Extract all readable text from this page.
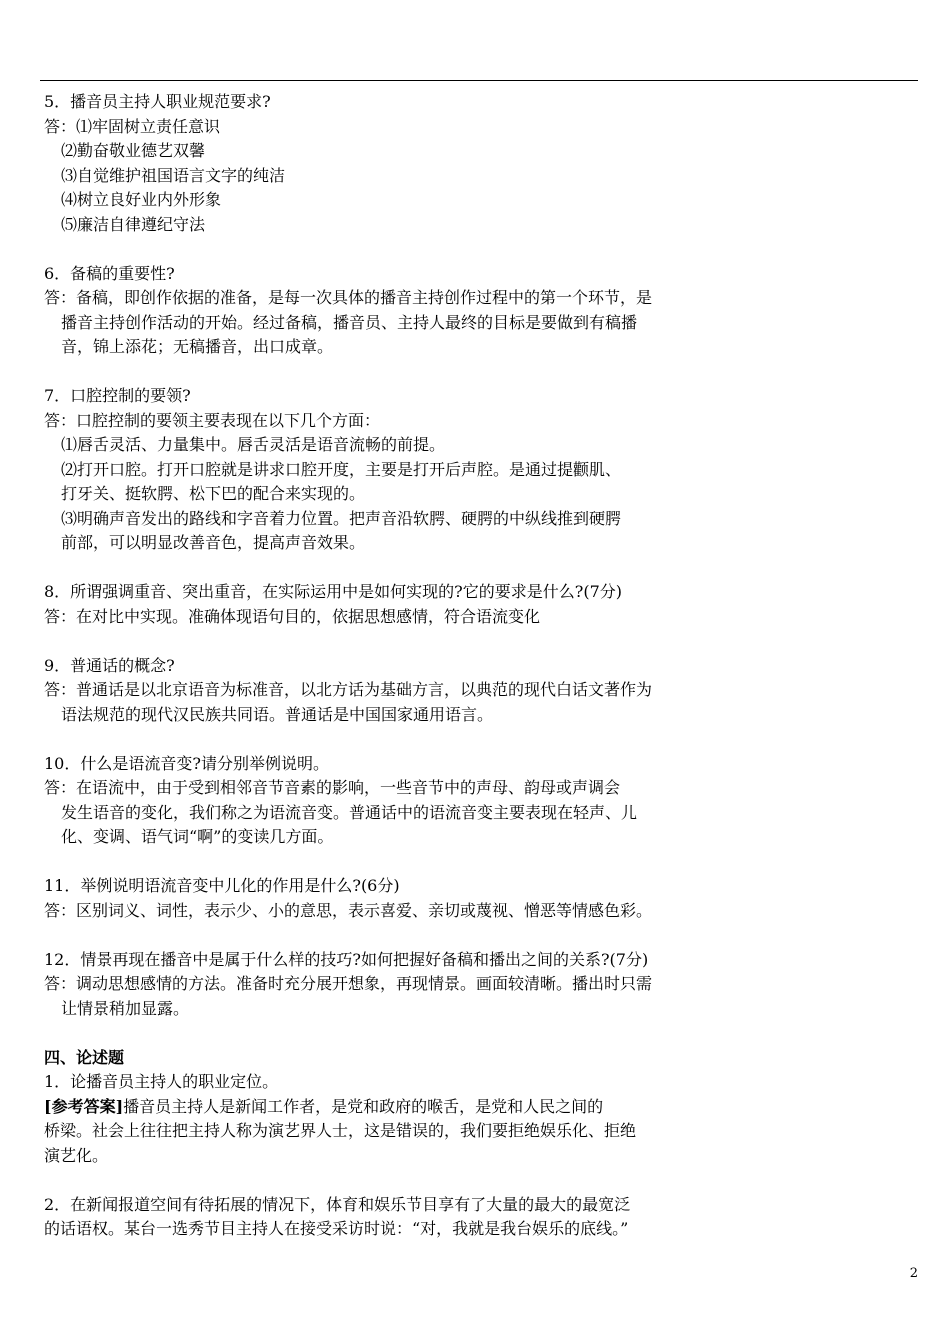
5．播音员主持人职业规范要求?
答：⑴牢固树立责任意识
⑵勤奋敬业德艺双馨
⑶自觉维护祖国语言文字的纯洁
⑷树立良好业内外形象
⑸廉洁自律遵纪守法
6．备稿的重要性?
答：备稿，即创作依据的准备，是每一次具体的播音主持创作过程中的第一个环节，是
播音主持创作活动的开始。经过备稿，播音员、主持人最终的目标是要做到有稿播
音，锦上添花；无稿播音，出口成章。
7．口腔控制的要领?
答：口腔控制的要领主要表现在以下几个方面：
⑴唇舌灵活、力量集中。唇舌灵活是语音流畅的前提。
⑵打开口腔。打开口腔就是讲求口腔开度，主要是打开后声腔。是通过提颧肌、
打牙关、挺软腭、松下巴的配合来实现的。
⑶明确声音发出的路线和字音着力位置。把声音沿软腭、硬腭的中纵线推到硬腭
前部，可以明显改善音色，提高声音效果。
8．所谓强调重音、突出重音，在实际运用中是如何实现的?它的要求是什么?(7分)
答：在对比中实现。准确体现语句目的，依据思想感情，符合语流变化
9．普通话的概念?
答：普通话是以北京语音为标准音，以北方话为基础方言，以典范的现代白话文著作为
语法规范的现代汉民族共同语。普通话是中国国家通用语言。
10．什么是语流音变?请分别举例说明。
答：在语流中，由于受到相邻音节音素的影响，一些音节中的声母、韵母或声调会
发生语音的变化，我们称之为语流音变。普通话中的语流音变主要表现在轻声、儿
化、变调、语气词“啊”的变读几方面。
11．举例说明语流音变中儿化的作用是什么?(6分)
答：区别词义、词性，表示少、小的意思，表示喜爱、亲切或蔑视、憎恶等情感色彩。
12．情景再现在播音中是属于什么样的技巧?如何把握好备稿和播出之间的关系?(7分)
答：调动思想感情的方法。准备时充分展开想象，再现情景。画面较清晰。播出时只需
让情景稍加显露。
四、论述题
1．论播音员主持人的职业定位。
[参考答案]播音员主持人是新闻工作者，是党和政府的喉舌，是党和人民之间的
桥梁。社会上往往把主持人称为演艺界人士，这是错误的，我们要拒绝娱乐化、拒绝
演艺化。
2．在新闻报道空间有待拓展的情况下，体育和娱乐节目享有了大量的最大的最宽泛
的话语权。某台一选秀节目主持人在接受采访时说：“对，我就是我台娱乐的底线。”
2
